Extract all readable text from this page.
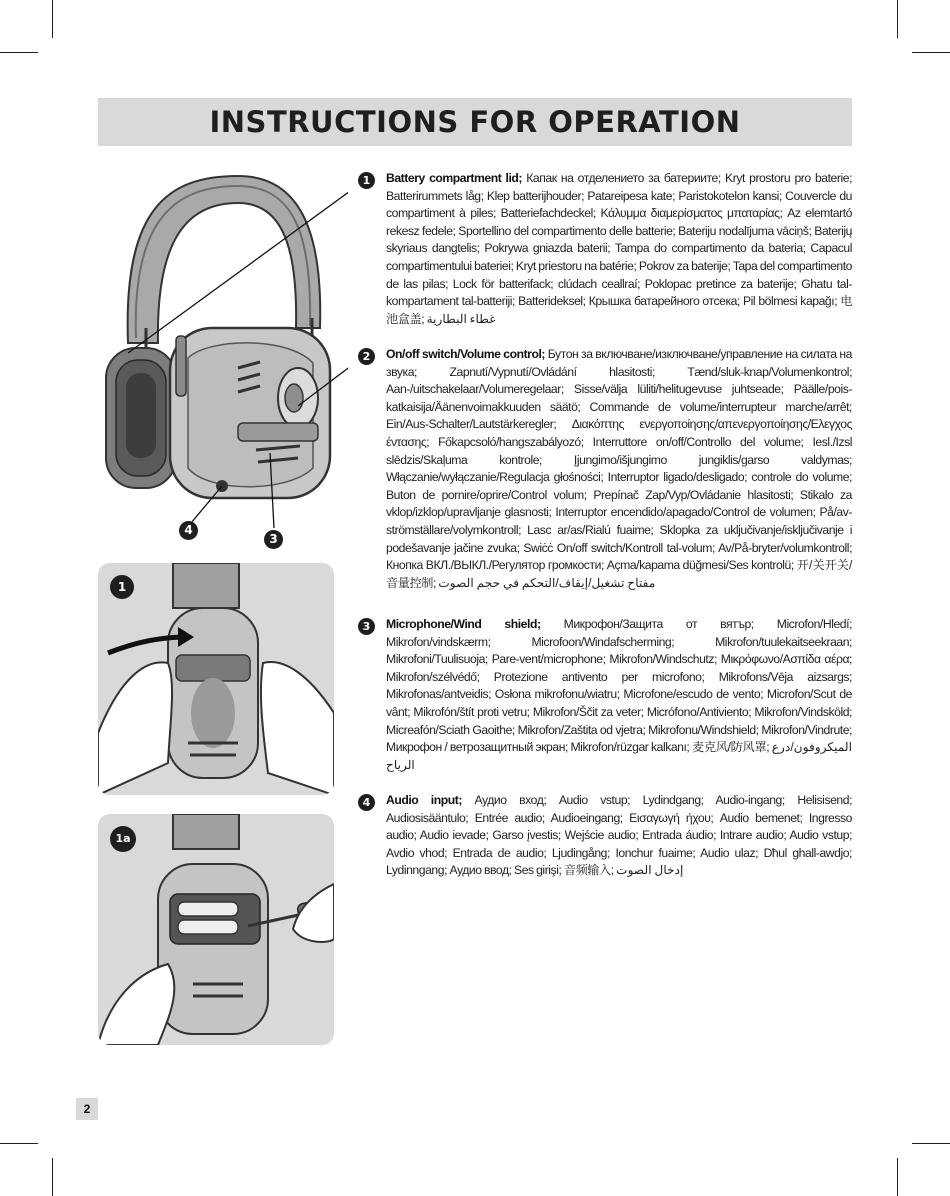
INSTRUCTIONS FOR OPERATION
4
3
1
1a
1	Battery compartment lid; Капак на отделението за батериите; Kryt prostoru pro baterie; Batterirummets låg; Klep batterijhouder; Patareipesa kate; Paristokotelon kansi; Couvercle du compartiment à piles; Batteriefachdeckel; Κάλυμμα διαμερίσματος μπαταρίας; Az elemtartó rekesz fedele; Sportellino del compartimento delle batterie; Bateriju nodalījuma vāciņš; Baterijų skyriaus dangtelis; Pokrywa gniazda baterii; Tampa do compartimento da bateria; Capacul compartimentului bateriei; Kryt priestoru na batérie; Pokrov za baterije; Tapa del compartimento de las pilas; Lock för batterifack; clúdach ceallraí; Poklopac pretince za baterije; Ghatu tal-kompartament tal-batteriji; Batterideksel; Крышка батарейного отсека; Pil bölmesi kapağı; 电池盒盖; غطاء البطارية
2	On/off switch/Volume control; Бутон за включване/изключване/управление на силата на звука; Zapnutí/Vypnutí/Ovládání hlasitosti; Tænd/sluk-knap/Volumenkontrol; Aan-/uitschakelaar/Volumeregelaar; Sisse/välja lüliti/helitugevuse juhtseade; Päälle/pois-katkaisija/Äänenvoimakkuuden säätö; Commande de volume/interrupteur marche/arrêt; Ein/Aus-Schalter/Lautstärkeregler; Διακόπτης ενεργοποίησης/απενεργοποίησης/Ελεγχος έντασης; Főkapcsoló/hangszabályozó; Interruttore on/off/Controllo del volume; Iesl./Izsl slēdzis/Skaļuma kontrole; Įjungimo/išjungimo jungiklis/garso valdymas; Włączanie/wyłączanie/Regulacja głośności; Interruptor ligado/desligado; controle do volume; Buton de pornire/oprire/Control volum; Prepínač Zap/Vyp/Ovládanie hlasitosti; Stikalo za vklop/izklop/upravljanje glasnosti; Interruptor encendido/apagado/Control de volumen; På/av-strömställare/volymkontroll; Lasc ar/as/Rialú fuaime; Sklopka za uključivanje/isključivanje i podešavanje jačine zvuka; Swiċċ On/off switch/Kontroll tal-volum; Av/På-bryter/volumkontroll; Кнопка ВКЛ./ВЫКЛ./Регулятор громкости; Açma/kapama düğmesi/Ses kontrolü; 开/关开关/音量控制; مفتاح تشغيل/إيقاف/التحكم في حجم الصوت
3	Microphone/Wind shield; Микрофон/Защита от вятър; Microfon/Hledí; Mikrofon/vindskærm; Microfoon/Windafscherming; Mikrofon/tuulekaitseekraan; Mikrofoni/Tuulisuoja; Pare-vent/microphone; Mikrofon/Windschutz; Μικρόφωνο/Ασπίδα αέρα; Mikrofon/szélvédő; Protezione antivento per microfono; Mikrofons/Vēja aizsargs; Mikrofonas/antveidis; Osłona mikrofonu/wiatru; Microfone/escudo de vento; Microfon/Scut de vânt; Mikrofón/štít proti vetru; Mikrofon/Ščit za veter; Micrófono/Antiviento; Mikrofon/Vindsköld; Micreafón/Sciath Gaoithe; Mikrofon/Zaštita od vjetra; Mikrofonu/Windshield; Mikrofon/Vindrute; Микрофон / ветрозащитный экран; Mikrofon/rüzgar kalkanı; 麦克风/防风罩; الميكروفون/درع الرياح
4	Audio input; Аудио вход; Audio vstup; Lydindgang; Audio-ingang; Helisisend; Audiosisääntulo; Entrée audio; Audioeingang; Εισαγωγή ήχου; Audio bemenet; Ingresso audio; Audio ievade; Garso įvestis; Wejście audio; Entrada áudio; Intrare audio; Audio vstup; Avdio vhod; Entrada de audio; Ljudingång; Ionchur fuaime; Audio ulaz; Dħul ghall-awdjo; Lydinngang; Аудио ввод; Ses girişi; 音频输入; إدخال الصوت
2
